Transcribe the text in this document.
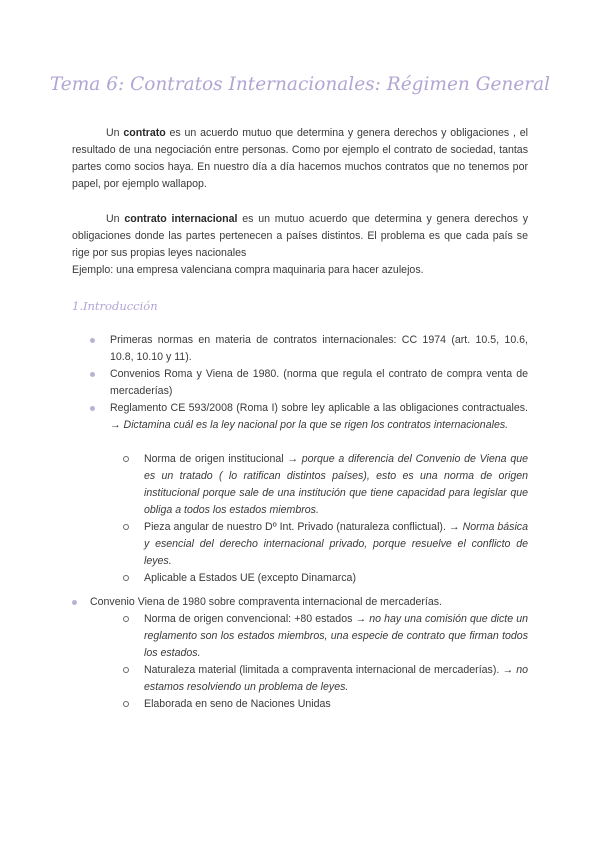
Tema 6: Contratos Internacionales: Régimen General

Un contrato es un acuerdo mutuo que determina y genera derechos y obligaciones , el resultado de una negociación entre personas. Como por ejemplo el contrato de sociedad, tantas partes como socios haya. En nuestro día a día hacemos muchos contratos que no tenemos por papel, por ejemplo wallapop.

Un contrato internacional es un mutuo acuerdo que determina y genera derechos y obligaciones donde las partes pertenecen a países distintos. El problema es que cada país se rige por sus propias leyes nacionales
Ejemplo: una empresa valenciana compra maquinaria para hacer azulejos.
1.Introducción
Primeras normas en materia de contratos internacionales: CC 1974 (art. 10.5, 10.6, 10.8, 10.10 y 11).
Convenios Roma y Viena de 1980. (norma que regula el contrato de compra venta de mercaderías)
Reglamento CE 593/2008 (Roma I) sobre ley aplicable a las obligaciones contractuales. → Dictamina cuál es la ley nacional por la que se rigen los contratos internacionales.
Norma de origen institucional → porque a diferencia del Convenio de Viena que es un tratado ( lo ratifican distintos países), esto es una norma de origen institucional porque sale de una institución que tiene capacidad para legislar que obliga a todos los estados miembros.
Pieza angular de nuestro Dº Int. Privado (naturaleza conflictual). → Norma básica y esencial del derecho internacional privado, porque resuelve el conflicto de leyes.
Aplicable a Estados UE (excepto Dinamarca)
Convenio Viena de 1980 sobre compraventa internacional de mercaderías.
Norma de origen convencional: +80 estados → no hay una comisión que dicte un reglamento son los estados miembros, una especie de contrato que firman todos los estados.
Naturaleza material (limitada a compraventa internacional de mercaderías). → no estamos resolviendo un problema de leyes.
Elaborada en seno de Naciones Unidas
